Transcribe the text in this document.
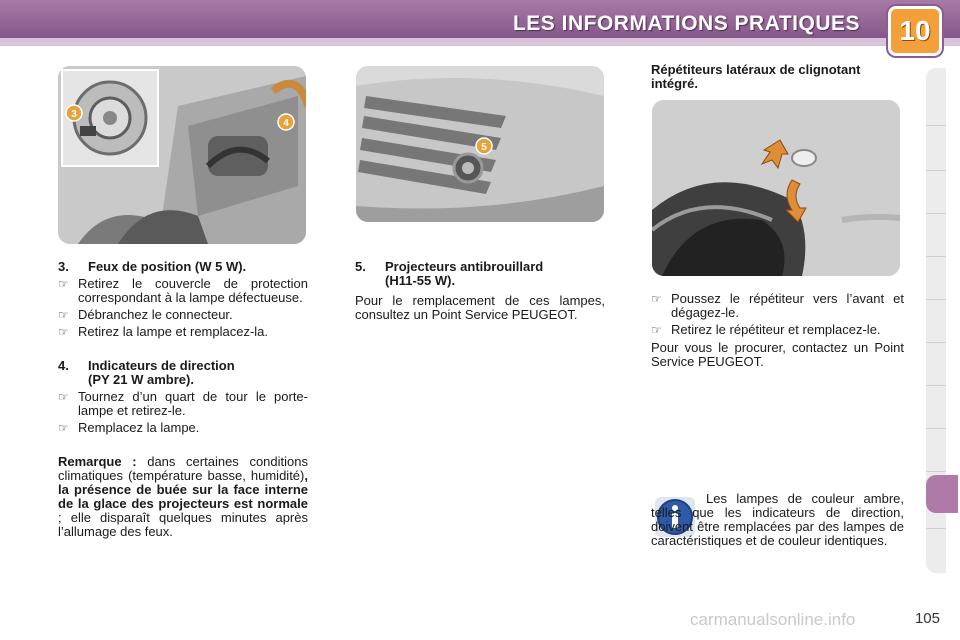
LES INFORMATIONS PRATIQUES	10
3
4
5
3. Feux de position (W 5 W).

☞ Retirez le couvercle de protection correspondant à la lampe défectueuse.

☞ Débranchez le connecteur.

☞ Retirez la lampe et remplacez-la.

4. Indicateurs de direction
(PY 21 W ambre).

☞ Tournez d’un quart de tour le porte-lampe et retirez-le.

☞ Remplacez la lampe.

Remarque : dans certaines conditions climatiques (température basse, humidité), la présence de buée sur la face interne de la glace des projecteurs est normale ; elle disparaît quelques minutes après l’allumage des feux.

5. Projecteurs antibrouillard
(H11-55 W).

Pour le remplacement de ces lampes, consultez un Point Service PEUGEOT.

Répétiteurs latéraux de clignotant intégré.

☞ Poussez le répétiteur vers l’avant et dégagez-le.

☞ Retirez le répétiteur et remplacez-le.

Pour vous le procurer, contactez un Point Service PEUGEOT.

Les lampes de couleur ambre, telles que les indicateurs de direction, doivent être remplacées par des lampes de caractéristiques et de couleur identiques.

carmanualsonline.info	105
